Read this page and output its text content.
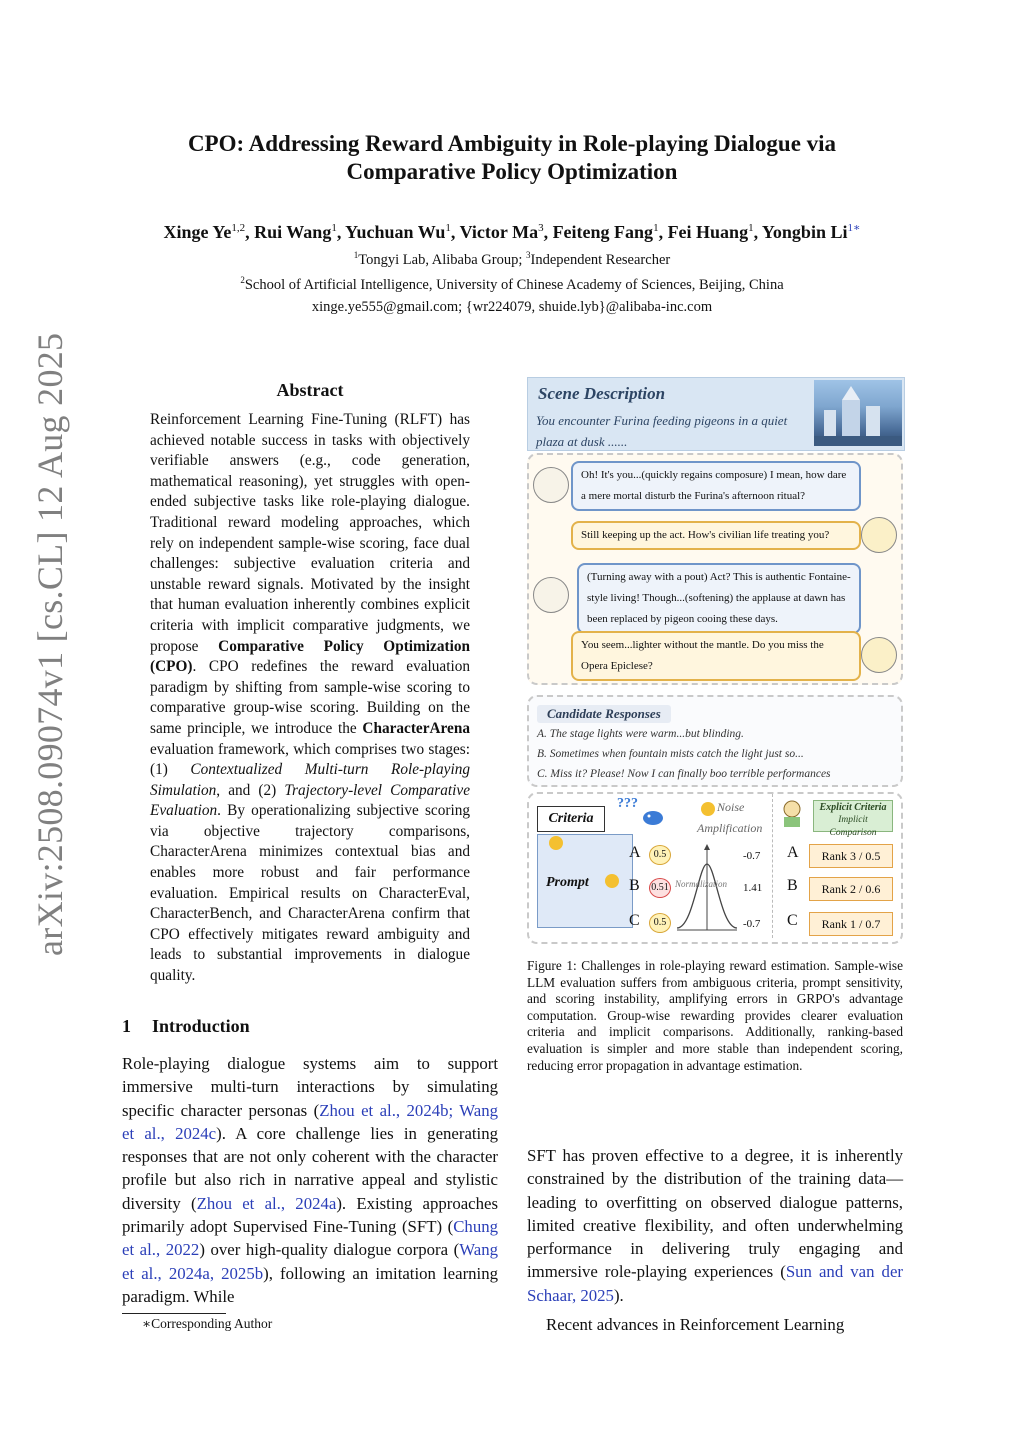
arXiv:2508.09074v1 [cs.CL] 12 Aug 2025
CPO: Addressing Reward Ambiguity in Role-playing Dialogue via
Comparative Policy Optimization
Xinge Ye$^{1,2}$, Rui Wang$^1$, Yuchuan Wu$^1$, Victor Ma$^3$, Feiteng Fang$^1$, Fei Huang$^1$, Yongbin $Li^{1∗}$
$^1$Tongyi Lab, Alibaba Group; $^3$Independent Researcher
$^2$School of Artificial Intelligence, University of Chinese Academy of Sciences, Beijing, China
xinge.ye555@gmail.com; {wr224079, shuide.lyb}@alibaba-inc.com
Abstract
Reinforcement Learning Fine-Tuning (RLFT) has achieved notable success in tasks with objectively verifiable answers (e.g., code generation, mathematical reasoning), yet struggles with open-ended subjective tasks like role-playing dialogue. Traditional reward modeling approaches, which rely on independent sample-wise scoring, face dual challenges: subjective evaluation criteria and unstable reward signals. Motivated by the insight that human evaluation inherently combines explicit criteria with implicit comparative judgments, we propose Comparative Policy Optimization (CPO). CPO redefines the reward evaluation paradigm by shifting from sample-wise scoring to comparative group-wise scoring. Building on the same principle, we introduce the CharacterArena evaluation framework, which comprises two stages: (1) Contextualized Multi-turn Role-playing Simulation, and (2) Trajectory-level Comparative Evaluation. By operationalizing subjective scoring via objective trajectory comparisons, CharacterArena minimizes contextual bias and enables more robust and fair performance evaluation. Empirical results on CharacterEval, CharacterBench, and CharacterArena confirm that CPO effectively mitigates reward ambiguity and leads to substantial improvements in dialogue quality.
1 Introduction
Role-playing dialogue systems aim to support immersive multi-turn interactions by simulating specific character personas (Zhou et al., 2024b; Wang et al., 2024c). A core challenge lies in generating responses that are not only coherent with the character profile but also rich in narrative appeal and stylistic diversity (Zhou et al., 2024a). Existing approaches primarily adopt Supervised Fine-Tuning (SFT) (Chung et al., 2022) over high-quality dialogue corpora (Wang et al., 2024a, 2025b), following an imitation learning paradigm. While
∗Corresponding Author
Scene Description
You encounter Furina feeding pigeons in a quiet plaza at dusk ......
Oh! It's you...(quickly regains composure) I mean, how dare a mere mortal disturb the Furina's afternoon ritual?
Still keeping up the act. How's civilian life treating you?
(Turning away with a pout) Act? This is authentic Fontaine-style living! Though...(softening) the applause at dawn has been replaced by pigeon cooing these days.
You seem...lighter without the mantle. Do you miss the Opera Epiclese?
Candidate Responses
A. The stage lights were warm...but blinding.
B. Sometimes when fountain mists catch the light just so...
C. Miss it? Please! Now I can finally boo terrible performances
Criteria
Prompt
???	Noise
Amplification
A	0.5
B 0.51
C	0.5
Normalization
-0.7
1.41
-0.7
Explicit Criteria
Implicit Comparison
A	Rank 3 / 0.5
B	Rank 2 / 0.6
C	Rank 1 / 0.7
Figure 1: Challenges in role-playing reward estimation. Sample-wise LLM evaluation suffers from ambiguous criteria, prompt sensitivity, and scoring instability, amplifying errors in GRPO's advantage computation. Group-wise rewarding provides clearer evaluation criteria and implicit comparisons. Additionally, ranking-based evaluation is simpler and more stable than independent scoring, reducing error propagation in advantage estimation.
SFT has proven effective to a degree, it is inherently constrained by the distribution of the training data—leading to overfitting on observed dialogue patterns, limited creative flexibility, and often underwhelming performance in delivering truly engaging and immersive role-playing experiences (Sun and van der Schaar, 2025).
Recent advances in Reinforcement Learning
